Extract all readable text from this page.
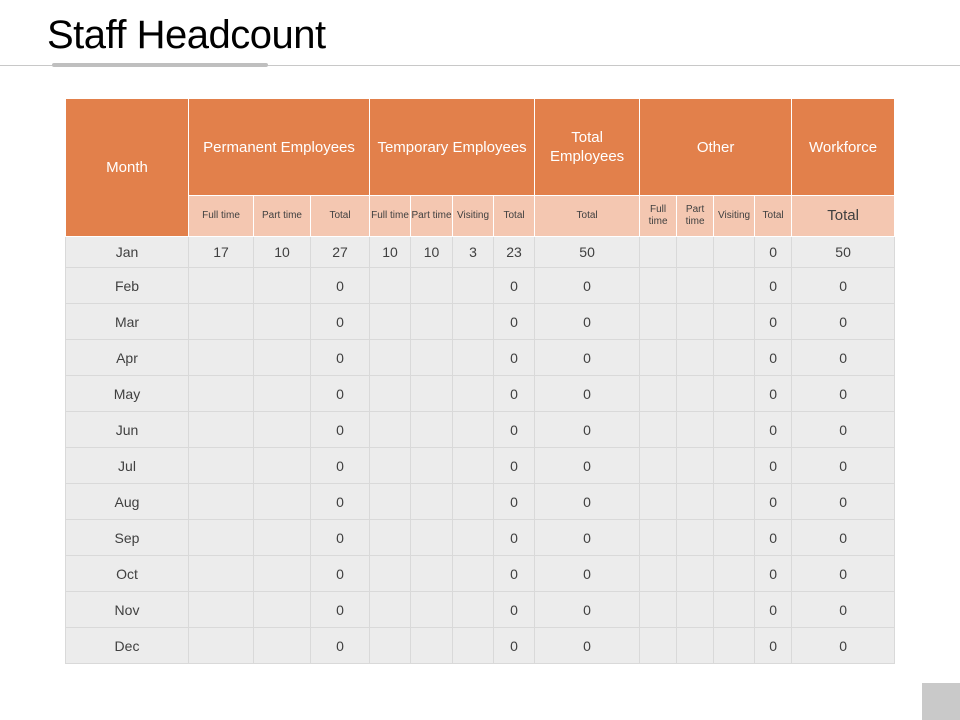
Staff Headcount
Month	Permanent Employees			Temporary Employees				Total Employees	Other				Workforce
	Full time	Part time	Total	Full time	Part time	Visiting	Total	Total	Full time	Part time	Visiting	Total	Total
Jan	17	10	27	10	10	3	23	50				0	50
Feb			0				0	0				0	0
Mar			0				0	0				0	0
Apr			0				0	0				0	0
May			0				0	0				0	0
Jun			0				0	0				0	0
Jul			0				0	0				0	0
Aug			0				0	0				0	0
Sep			0				0	0				0	0
Oct			0				0	0				0	0
Nov			0				0	0				0	0
Dec			0				0	0				0	0
